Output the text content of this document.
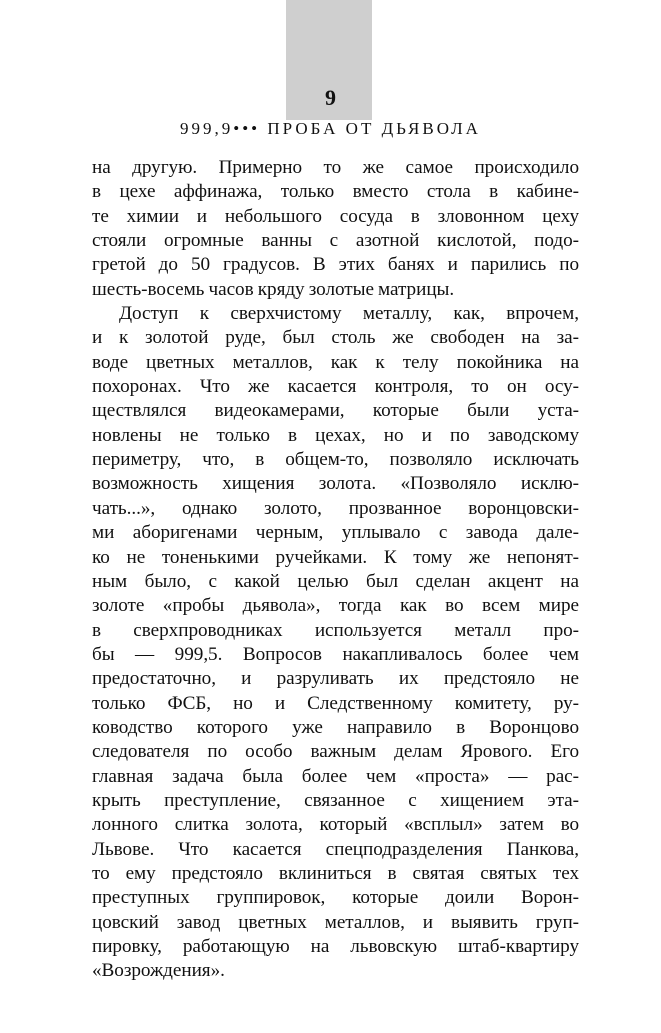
9
999,9••• ПРОБА ОТ ДЬЯВОЛА
на другую. Примерно то же самое происходило
в цехе аффинажа, только вместо стола в кабине-
те химии и небольшого сосуда в зловонном цеху
стояли огромные ванны с азотной кислотой, подо-
гретой до 50 градусов. В этих банях и парились по
шесть-восемь часов кряду золотые матрицы.
Доступ к сверхчистому металлу, как, впрочем,
и к золотой руде, был столь же свободен на за-
воде цветных металлов, как к телу покойника на
похоронах. Что же касается контроля, то он осу-
ществлялся видеокамерами, которые были уста-
новлены не только в цехах, но и по заводскому
периметру, что, в общем-то, позволяло исключать
возможность хищения золота. «Позволяло исклю-
чать...», однако золото, прозванное воронцовски-
ми аборигенами черным, уплывало с завода дале-
ко не тоненькими ручейками. К тому же непонят-
ным было, с какой целью был сделан акцент на
золоте «пробы дьявола», тогда как во всем мире
в сверхпроводниках используется металл про-
бы — 999,5. Вопросов накапливалось более чем
предостаточно, и разруливать их предстояло не
только ФСБ, но и Следственному комитету, ру-
ководство которого уже направило в Воронцово
следователя по особо важным делам Ярового. Его
главная задача была более чем «проста» — рас-
крыть преступление, связанное с хищением эта-
лонного слитка золота, который «всплыл» затем во
Львове. Что касается спецподразделения Панкова,
то ему предстояло вклиниться в святая святых тех
преступных группировок, которые доили Ворон-
цовский завод цветных металлов, и выявить груп-
пировку, работающую на львовскую штаб-квартиру
«Возрождения».
